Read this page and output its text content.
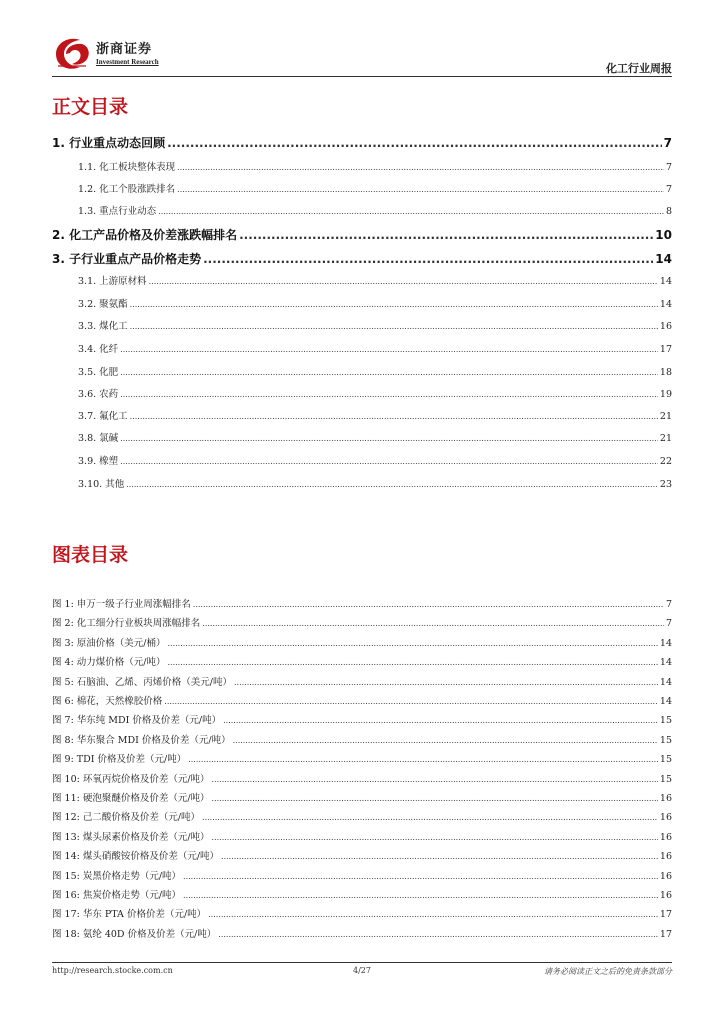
浙商证券
Investment Research	化工行业周报
正文目录
1. 行业重点动态回顾 .....	7
1.1. 化工板块整体表现 .....	7
1.2. 化工个股涨跌排名 .....	7
1.3. 重点行业动态 .....	8
2. 化工产品价格及价差涨跌幅排名 .....	10
3. 子行业重点产品价格走势 .....	14
3.1. 上游原材料 .....	14
3.2. 聚氨酯 .....	14
3.3. 煤化工 .....	16
3.4. 化纤 .....	17
3.5. 化肥 .....	18
3.6. 农药 .....	19
3.7. 氟化工 .....	21
3.8. 氯碱 .....	21
3.9. 橡塑 .....	22
3.10. 其他 .....	23
图表目录
图 1: 申万一级子行业周涨幅排名 .....	7
图 2: 化工细分行业板块周涨幅排名 .....	7
图 3: 原油价格（美元/桶） .....	14
图 4: 动力煤价格（元/吨） .....	14
图 5: 石脑油、乙烯、丙烯价格（美元/吨） .....	14
图 6: 棉花，天然橡胶价格 .....	14
图 7: 华东纯 MDI 价格及价差（元/吨） .....	15
图 8: 华东聚合 MDI 价格及价差（元/吨） .....	15
图 9: TDI 价格及价差（元/吨） .....	15
图 10: 环氧丙烷价格及价差（元/吨） .....	15
图 11: 硬泡聚醚价格及价差（元/吨） .....	16
图 12: 己二酸价格及价差（元/吨） .....	16
图 13: 煤头尿素价格及价差（元/吨） .....	16
图 14: 煤头硝酸铵价格及价差（元/吨） .....	16
图 15: 炭黑价格走势（元/吨） .....	16
图 16: 焦炭价格走势（元/吨） .....	16
图 17: 华东 PTA 价格价差（元/吨） .....	17
图 18: 氨纶 40D 价格及价差（元/吨） .....	17
http://research.stocke.com.cn	4/27	请务必阅读正文之后的免责条款部分
